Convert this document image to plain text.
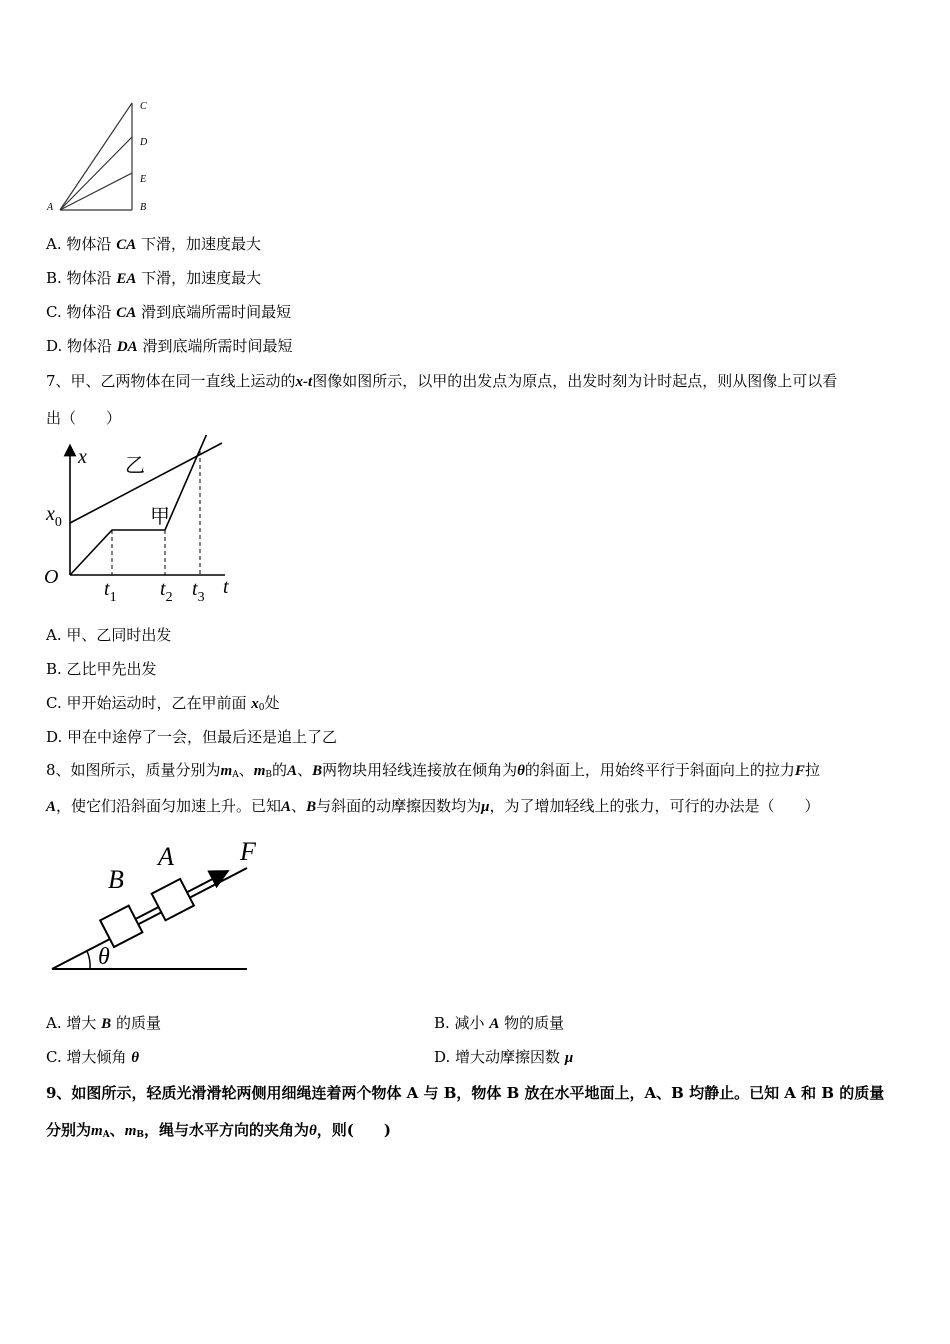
A	B
C
D
E
A. 物体沿 CA 下滑，加速度最大
B. 物体沿 EA 下滑，加速度最大
C. 物体沿 CA 滑到底端所需时间最短
D. 物体沿 DA 滑到底端所需时间最短
7、甲、乙两物体在同一直线上运动的x-t图像如图所示，以甲的出发点为原点，出发时刻为计时起点，则从图像上可以看
出（　　）
x
t
O
$x_0$
$t_1$ $t_2$ $t_3$
甲
乙
A. 甲、乙同时出发
B. 乙比甲先出发
C. 甲开始运动时，乙在甲前面 $x_0$处
D. 甲在中途停了一会，但最后还是追上了乙
8、如图所示，质量分别为$m_A$、$m_B$的A、B两物块用轻线连接放在倾角为θ的斜面上，用始终平行于斜面向上的拉力F拉
A，使它们沿斜面匀加速上升。已知A、B与斜面的动摩擦因数均为μ，为了增加轻线上的张力，可行的办法是（　　）
B
A	F
θ
A. 增大 B 的质量	B. 减小 A 物的质量
C. 增大倾角 θ	D. 增大动摩擦因数 μ
9、如图所示，轻质光滑滑轮两侧用细绳连着两个物体 A 与 B，物体 B 放在水平地面上，A、B 均静止。已知 A 和 B 的质量
分别为$m_A$、$m_B$，绳与水平方向的夹角为θ，则(　　)
